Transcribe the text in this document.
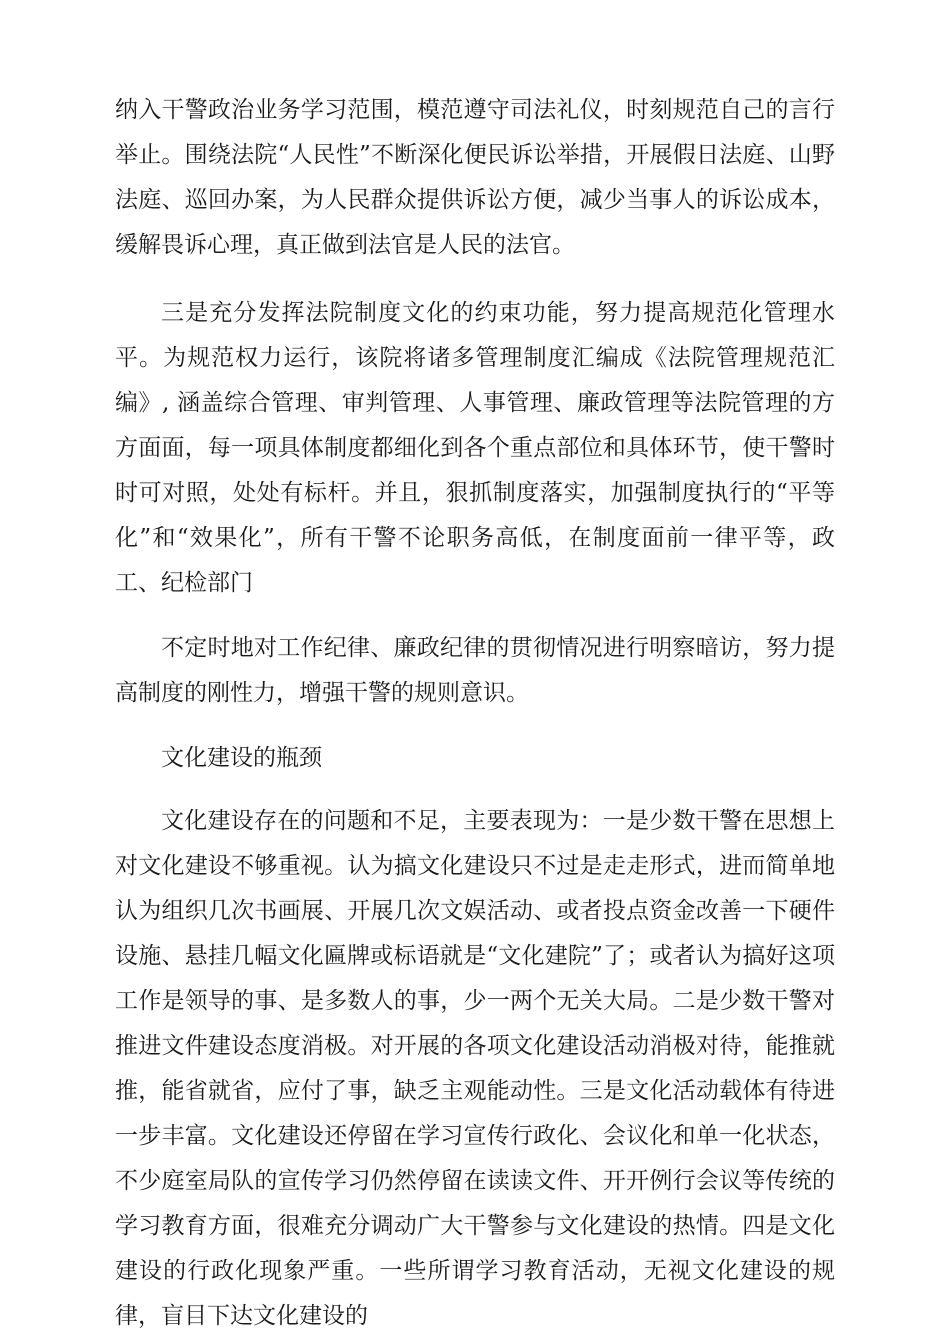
纳入干警政治业务学习范围，模范遵守司法礼仪，时刻规范自己的言行举止。围绕法院“人民性”不断深化便民诉讼举措，开展假日法庭、山野法庭、巡回办案，为人民群众提供诉讼方便，减少当事人的诉讼成本，缓解畏诉心理，真正做到法官是人民的法官。

三是充分发挥法院制度文化的约束功能，努力提高规范化管理水平。为规范权力运行，该院将诸多管理制度汇编成《法院管理规范汇编》, 涵盖综合管理、审判管理、人事管理、廉政管理等法院管理的方方面面，每一项具体制度都细化到各个重点部位和具体环节，使干警时时可对照，处处有标杆。并且，狠抓制度落实，加强制度执行的“平等化”和“效果化”，所有干警不论职务高低，在制度面前一律平等，政工、纪检部门

不定时地对工作纪律、廉政纪律的贯彻情况进行明察暗访，努力提高制度的刚性力，增强干警的规则意识。

文化建设的瓶颈

文化建设存在的问题和不足，主要表现为：一是少数干警在思想上对文化建设不够重视。认为搞文化建设只不过是走走形式，进而简单地认为组织几次书画展、开展几次文娱活动、或者投点资金改善一下硬件设施、悬挂几幅文化匾牌或标语就是“文化建院”了；或者认为搞好这项工作是领导的事、是多数人的事，少一两个无关大局。二是少数干警对推进文件建设态度消极。对开展的各项文化建设活动消极对待，能推就推，能省就省，应付了事，缺乏主观能动性。三是文化活动载体有待进一步丰富。文化建设还停留在学习宣传行政化、会议化和单一化状态，不少庭室局队的宣传学习仍然停留在读读文件、开开例行会议等传统的学习教育方面，很难充分调动广大干警参与文化建设的热情。四是文化建设的行政化现象严重。一些所谓学习教育活动，无视文化建设的规律，盲目下达文化建设的
